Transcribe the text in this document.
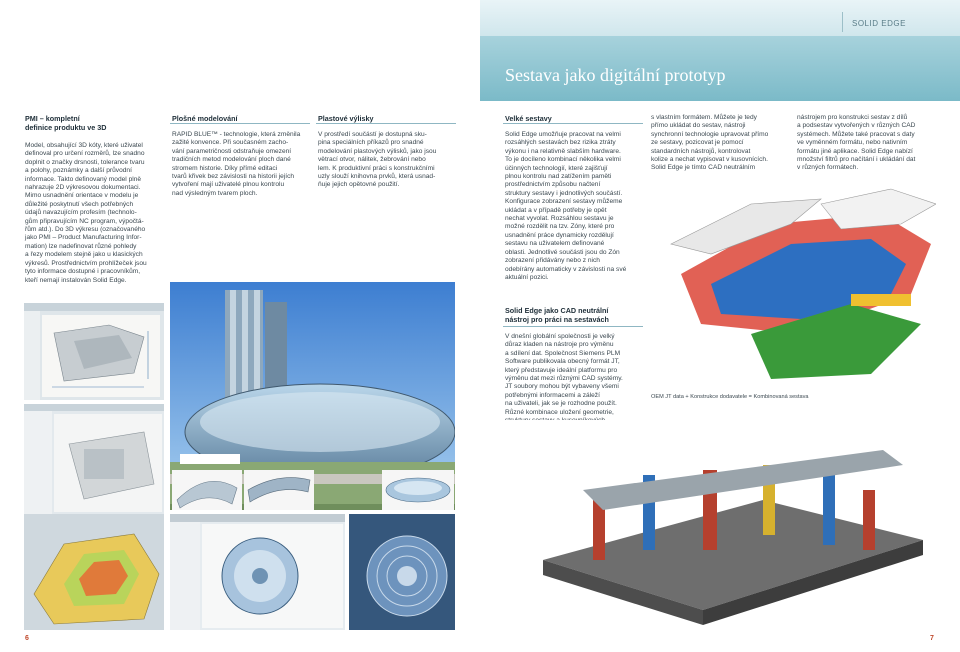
SOLID EDGE
Sestava jako digitální prototyp
PMI – kompletní
definice produktu ve 3D
Model, obsahující 3D kóty, které uživatel
definoval pro určení rozměrů, lze snadno
doplnit o značky drsnosti, tolerance tvaru
a polohy, poznámky a další průvodní
informace. Takto definovaný model plně
nahrazuje 2D výkresovou dokumentaci.
Mimo usnadnění orientace v modelu je
důležité poskytnutí všech potřebných
údajů navazujícím profesím (technolo-
gům připravujícím NC program, výpočtá-
řům atd.). Do 3D výkresu (označovaného
jako PMI – Product Manufacturing Infor-
mation) lze nadefinovat různé pohledy
a řezy modelem stejně jako u klasických
výkresů. Prostřednictvím prohlížeček jsou
tyto informace dostupné i pracovníkům,
kteří nemají instalován Solid Edge.
Plošné modelování
RAPID BLUE™ - technologie, která změnila
zažité konvence. Při současném zacho-
vání parametričnosti odstraňuje omezení
tradičních metod modelování ploch dané
stromem historie. Díky přímé editaci
tvarů křivek bez závislosti na historii jejích
vytvoření mají uživatelé plnou kontrolu
nad výsledným tvarem ploch.
Plastové výlisky
V prostředí součástí je dostupná sku-
pina speciálních příkazů pro snadné
modelování plastových výlisků, jako jsou
větrací otvor, nálitek, žebrování nebo
lem. K produktivní práci s konstrukčními
uzly slouží knihovna prvků, která usnad-
ňuje jejich opětovné použití.
Velké sestavy
Solid Edge umožňuje pracovat na velmi
rozsáhlých sestavách bez rizika ztráty
výkonu i na relativně slabším hardware.
To je docíleno kombinací několika velmi
účinných technologií, které zajišťují
plnou kontrolu nad zatížením paměti
prostřednictvím způsobu načtení
struktury sestavy i jednotlivých součástí.
Konfigurace zobrazení sestavy můžeme
ukládat a v případě potřeby je opět
nechat vyvolat. Rozsáhlou sestavu je
možné rozdělit na tzv. Zóny, které pro
usnadnění práce dynamicky rozdělují
sestavu na uživatelem definované
oblasti. Jednotlivé součásti jsou do Zón
zobrazení přidávány nebo z nich
odebírány automaticky v závislosti na své
aktuální pozici.
Solid Edge jako CAD neutrální
nástroj pro práci na sestavách
V dnešní globální společnosti je velký
důraz kladen na nástroje pro výměnu
a sdílení dat. Společnost Siemens PLM
Software publikovala obecný formát JT,
který představuje ideální platformu pro
výměnu dat mezi různými CAD systémy.
JT soubory mohou být vybaveny všemi
potřebnými informacemi a záleží
na uživateli, jak se je rozhodne použít.
Různé kombinace uložení geometrie,
s vlastním formátem. Můžete je tedy
přímo ukládat do sestav, nástroji
synchronní technologie upravovat přímo
ze sestavy, pozicovat je pomocí
standardních nástrojů, kontrolovat
kolize a nechat vypisovat v kusovnících.
Solid Edge je tímto CAD neutrálním
nástrojem pro konstrukci sestav z dílů
a podsestav vytvořených v různých CAD
systémech. Můžete také pracovat s daty
ve vyměnném formátu, nebo nativním
formátu jiné aplikace. Solid Edge nabízí
množství filtrů pro načítání i ukládání dat
v různých formátech.
OEM JT data + Konstrukce dodavatele = Kombinovaná sestava
6	7
